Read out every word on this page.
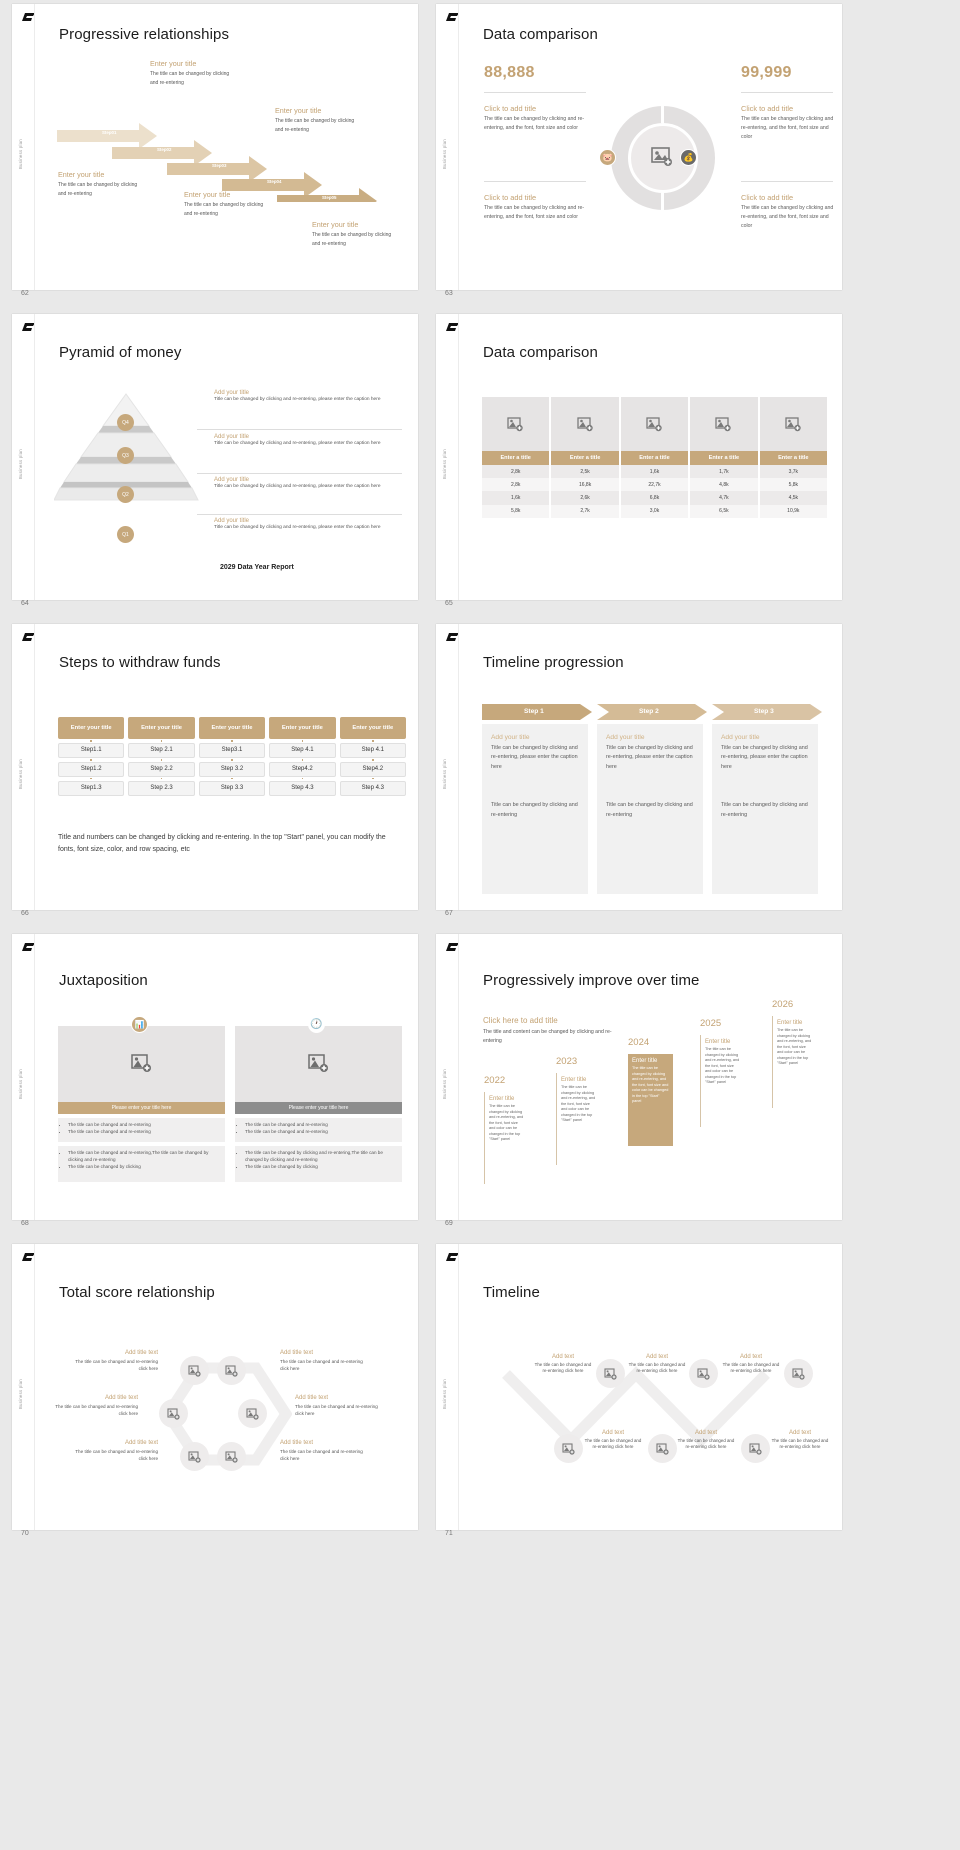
Business plan
Progressive relationships
Step01
Step02
Step03
Step04
Step05
Enter your title
The title can be changed by clicking and re-entering
Enter your title
The title can be changed by clicking and re-entering
Enter your title
The title can be changed by clicking and re-entering
Enter your title
The title can be changed by clicking and re-entering
Enter your title
The title can be changed by clicking and re-entering
62
Business plan
Data comparison
88,888
Click to add title
The title can be changed by clicking and re-entering, and the font, font size and color
Click to add title
The title can be changed by clicking and re-entering, and the font, font size and color
99,999
Click to add title
The title can be changed by clicking and re-entering, and the font, font size and color
Click to add title
The title can be changed by clicking and re-entering, and the font, font size and color
🐷	💰
63
Business plan
Pyramid of money
Q4
Q3
Q2
Q1
Add your title
Title can be changed by clicking and re-entering, please enter the caption here
Add your title
Title can be changed by clicking and re-entering, please enter the caption here
Add your title
Title can be changed by clicking and re-entering, please enter the caption here
Add your title
Title can be changed by clicking and re-entering, please enter the caption here
2029 Data Year Report
64
Business plan
Data comparison
Enter a title	Enter a title	Enter a title	Enter a title	Enter a title
2,8k	2,5k	1,6k	1,7k	3,7k
2,8k	16,8k	22,7k	4,8k	5,8k
1,6k	2,6k	6,8k	4,7k	4,5k
5,8k	2,7k	3,0k	6,5k	10,9k
65
Business plan
Steps to withdraw funds
Enter your title
Step1.1
Step1.2
Step1.3
Enter your title
Step 2.1
Step 2.2
Step 2.3
Enter your title
Step3.1
Step 3.2
Step 3.3
Enter your title
Step 4.1
Step4.2
Step 4.3
Enter your title
Step 4.1
Step4.2
Step 4.3
Title and numbers can be changed by clicking and re-entering. In the top "Start" panel, you can modify the fonts, font size, color, and row spacing, etc
66
Business plan
Timeline progression
Step 1	Step 2	Step 3
Add your title
Title can be changed by clicking and re-entering, please enter the caption here
Title can be changed by clicking and re-entering
Add your title
Title can be changed by clicking and re-entering, please enter the caption here
Title can be changed by clicking and re-entering
Add your title
Title can be changed by clicking and re-entering, please enter the caption here
Title can be changed by clicking and re-entering
67
Business plan
Juxtaposition
📊
Please enter your title here
• The title can be changed and re-entering
• The title can be changed and re-entering
• The title can be changed and re-entering,The title can be changed by clicking and re-entering
• The title can be changed by clicking
🕐
Please enter your title here
• The title can be changed and re-entering
• The title can be changed and re-entering
• The title can be changed by clicking and re-entering,The title can be changed by clicking and re-entering
• The title can be changed by clicking
68
Business plan
Progressively improve over time
Click here to add title
The title and content can be changed by clicking and re-entering
2022
Enter title
The title can be changed by clicking and re-entering, and the font, font size and color can be changed in the top "Start" panel
2023
Enter title
The title can be changed by clicking and re-entering, and the font, font size and color can be changed in the top "Start" panel
2024
Enter title
The title can be changed by clicking and re-entering, and the font, font size and color can be changed in the top "Start" panel
2025
Enter title
The title can be changed by clicking and re-entering, and the font, font size and color can be changed in the top "Start" panel
2026
Enter title
The title can be changed by clicking and re-entering, and the font, font size and color can be changed in the top "Start" panel
69
Business plan
Total score relationship
Add title text
The title can be changed and re-entering click here
Add title text
The title can be changed and re-entering click here
Add title text
The title can be changed and re-entering click here
Add title text
The title can be changed and re-entering click here
Add title text
The title can be changed and re-entering click here
Add title text
The title can be changed and re-entering click here
70
Business plan
Timeline
Add text
The title can be changed and re-entering click here
Add text
The title can be changed and re-entering click here
Add text
The title can be changed and re-entering click here
Add text
The title can be changed and re-entering click here
Add text
The title can be changed and re-entering click here
Add text
The title can be changed and re-entering click here
71
